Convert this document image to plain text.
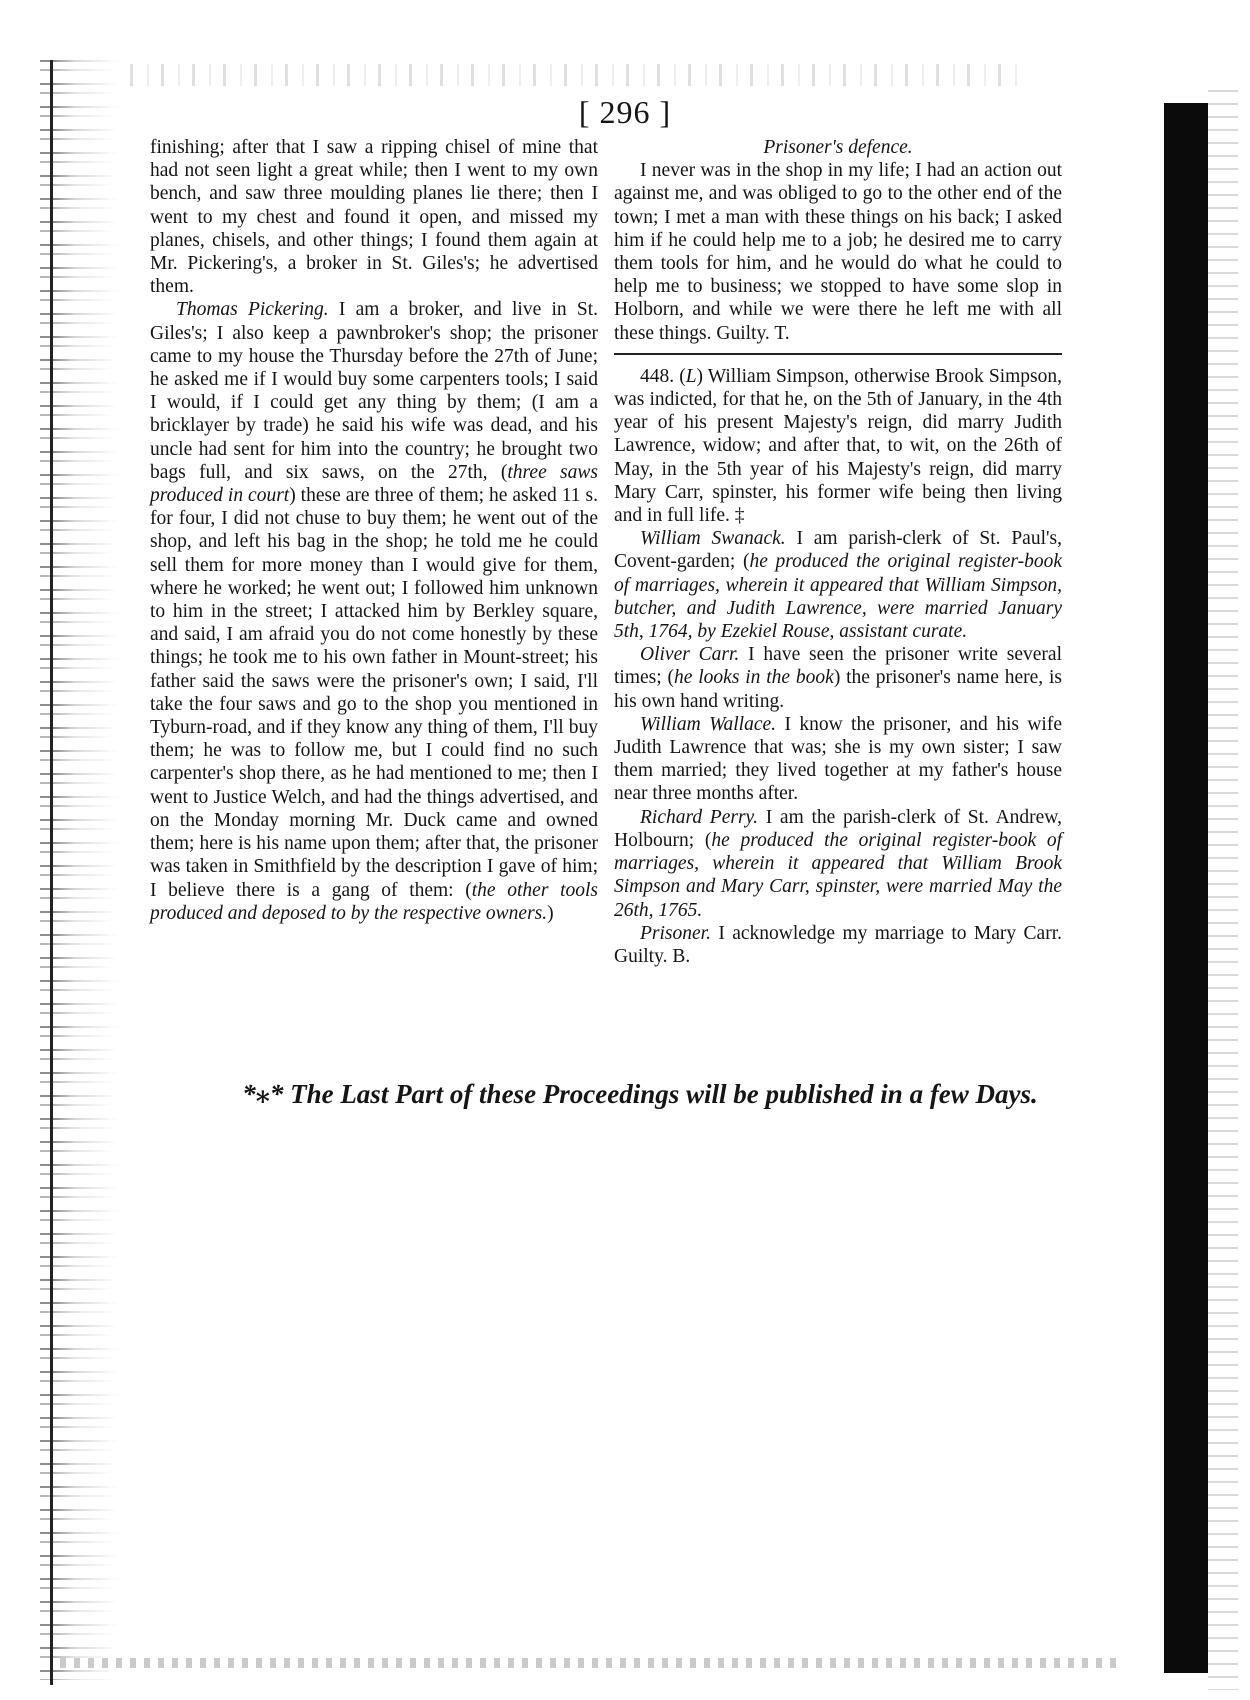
[ 296 ]

finishing; after that I saw a ripping chisel of mine that had not seen light a great while; then I went to my own bench, and saw three moulding planes lie there; then I went to my chest and found it open, and missed my planes, chisels, and other things; I found them again at Mr. Pickering's, a broker in St. Giles's; he advertised them.

Thomas Pickering. I am a broker, and live in St. Giles's; I also keep a pawnbroker's shop; the prisoner came to my house the Thursday before the 27th of June; he asked me if I would buy some carpenters tools; I said I would, if I could get any thing by them; (I am a bricklayer by trade) he said his wife was dead, and his uncle had sent for him into the country; he brought two bags full, and six saws, on the 27th, (three saws produced in court) these are three of them; he asked 11 s. for four, I did not chuse to buy them; he went out of the shop, and left his bag in the shop; he told me he could sell them for more money than I would give for them, where he worked; he went out; I followed him unknown to him in the street; I attacked him by Berkley square, and said, I am afraid you do not come honestly by these things; he took me to his own father in Mount-street; his father said the saws were the prisoner's own; I said, I'll take the four saws and go to the shop you mentioned in Tyburn-road, and if they know any thing of them, I'll buy them; he was to follow me, but I could find no such carpenter's shop there, as he had mentioned to me; then I went to Justice Welch, and had the things advertised, and on the Monday morning Mr. Duck came and owned them; here is his name upon them; after that, the prisoner was taken in Smithfield by the description I gave of him; I believe there is a gang of them: (the other tools produced and deposed to by the respective owners.)

Prisoner's defence.

I never was in the shop in my life; I had an action out against me, and was obliged to go to the other end of the town; I met a man with these things on his back; I asked him if he could help me to a job; he desired me to carry them tools for him, and he would do what he could to help me to business; we stopped to have some slop in Holborn, and while we were there he left me with all these things. Guilty. T.

448. (L) William Simpson, otherwise Brook Simpson, was indicted, for that he, on the 5th of January, in the 4th year of his present Majesty's reign, did marry Judith Lawrence, widow; and after that, to wit, on the 26th of May, in the 5th year of his Majesty's reign, did marry Mary Carr, spinster, his former wife being then living and in full life. ‡

William Swanack. I am parish-clerk of St. Paul's, Covent-garden; (he produced the original register-book of marriages, wherein it appeared that William Simpson, butcher, and Judith Lawrence, were married January 5th, 1764, by Ezekiel Rouse, assistant curate.

Oliver Carr. I have seen the prisoner write several times; (he looks in the book) the prisoner's name here, is his own hand writing.

William Wallace. I know the prisoner, and his wife Judith Lawrence that was; she is my own sister; I saw them married; they lived together at my father's house near three months after.

Richard Perry. I am the parish-clerk of St. Andrew, Holbourn; (he produced the original register-book of marriages, wherein it appeared that William Brook Simpson and Mary Carr, spinster, were married May the 26th, 1765.

Prisoner. I acknowledge my marriage to Mary Carr. Guilty. B.

*⁎* The Last Part of these Proceedings will be published in a few Days.
